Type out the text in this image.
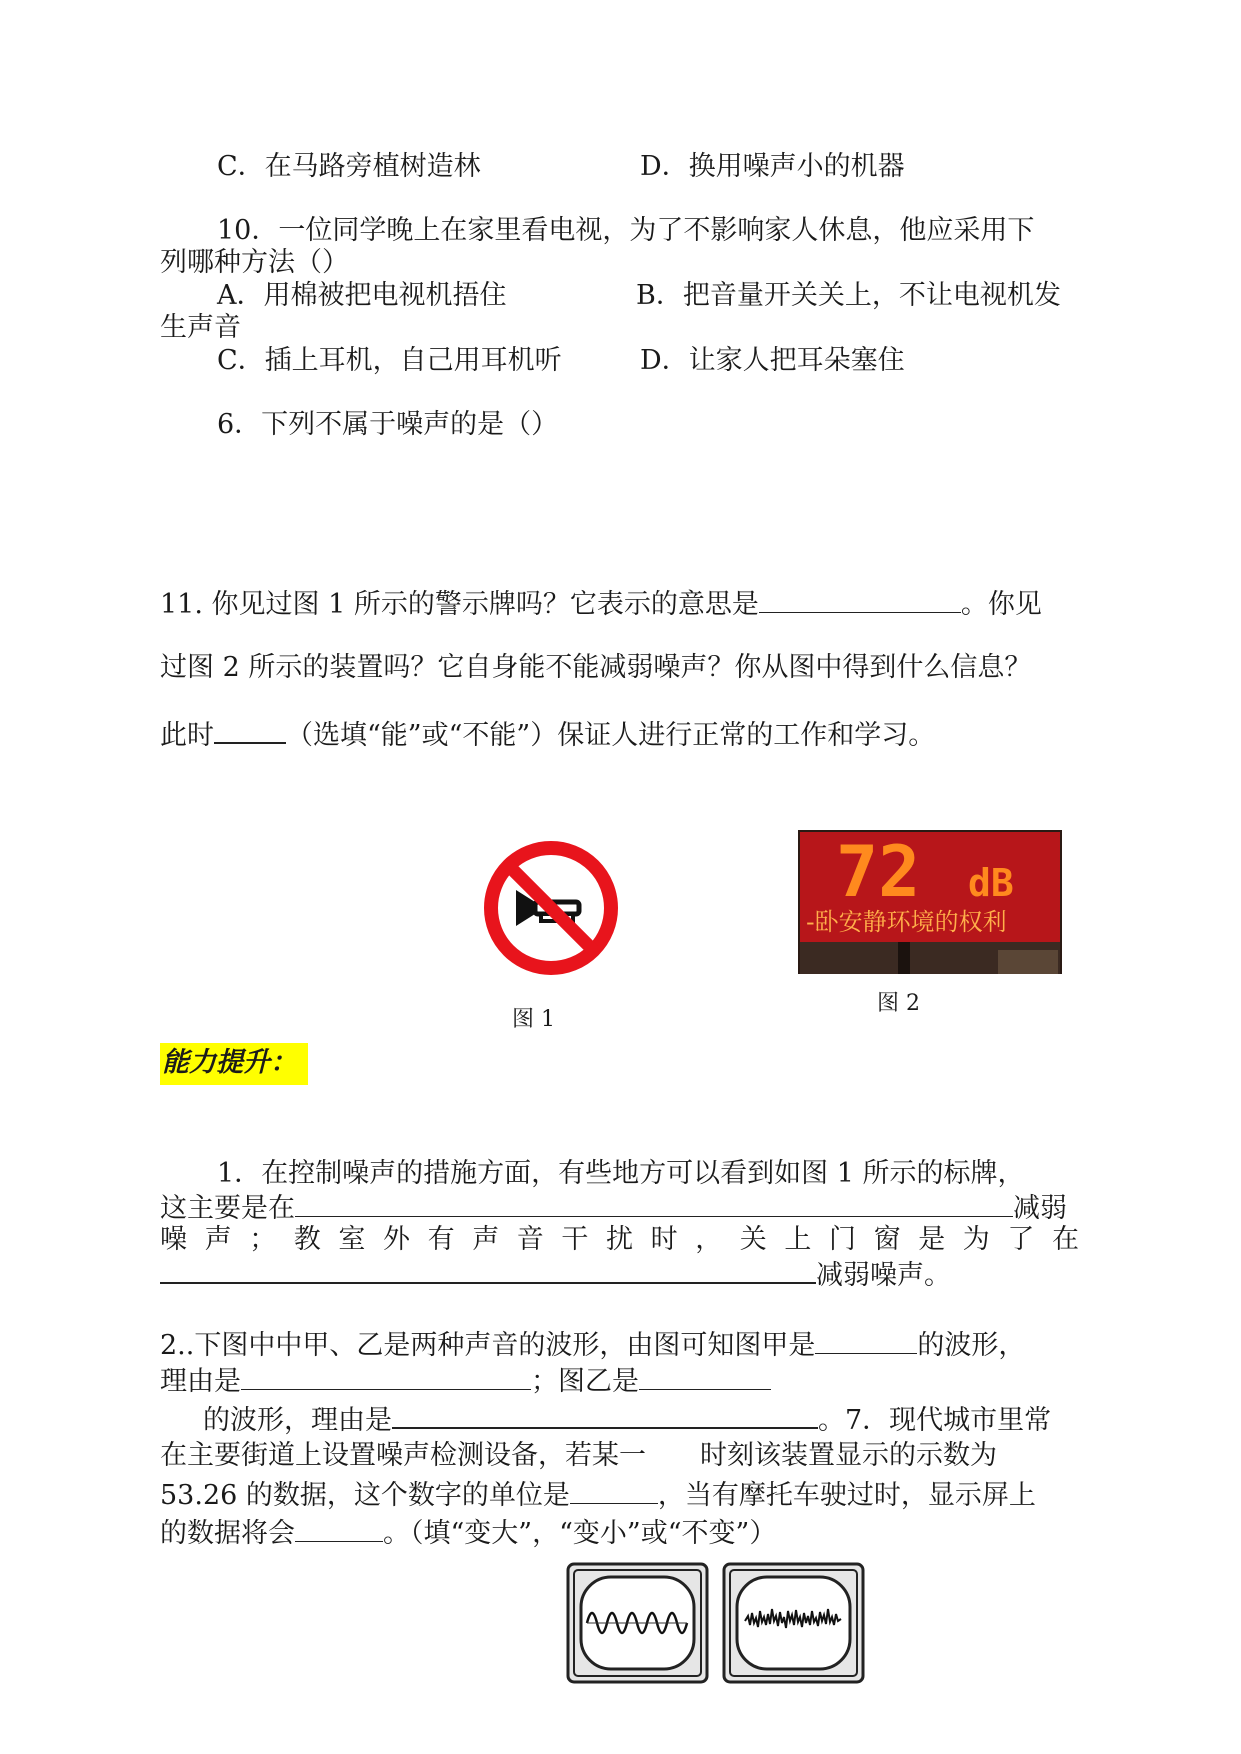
C．在马路旁植树造林	D．换用噪声小的机器
10．一位同学晚上在家里看电视，为了不影响家人休息，他应采用下
列哪种方法（）
A．用棉被把电视机捂住	B．把音量开关关上，不让电视机发
生声音
C．插上耳机，自己用耳机听	D．让家人把耳朵塞住
6．下列不属于噪声的是（）
11. 你见过图 1 所示的警示牌吗？它表示的意思是	。你见
过图 2 所示的装置吗？它自身能不能减弱噪声？你从图中得到什么信息？
此时	（选填“能”或“不能”）保证人进行正常的工作和学习。
图 1
72 dB
-卧安静环境的权利
图 2
能力提升：
1．在控制噪声的措施方面，有些地方可以看到如图 1 所示的标牌，
这主要是在	减弱
噪声；教室外有声音干扰时，关上门窗是为了在
减弱噪声。
2..下图中中甲、乙是两种声音的波形，由图可知图甲是	的波形，
理由是	；图乙是
的波形，理由是	。7．现代城市里常
在主要街道上设置噪声检测设备，若某一　　时刻该装置显示的示数为
53.26 的数据，这个数字的单位是	，当有摩托车驶过时，显示屏上
的数据将会	。（填“变大”，“变小”或“不变”）
